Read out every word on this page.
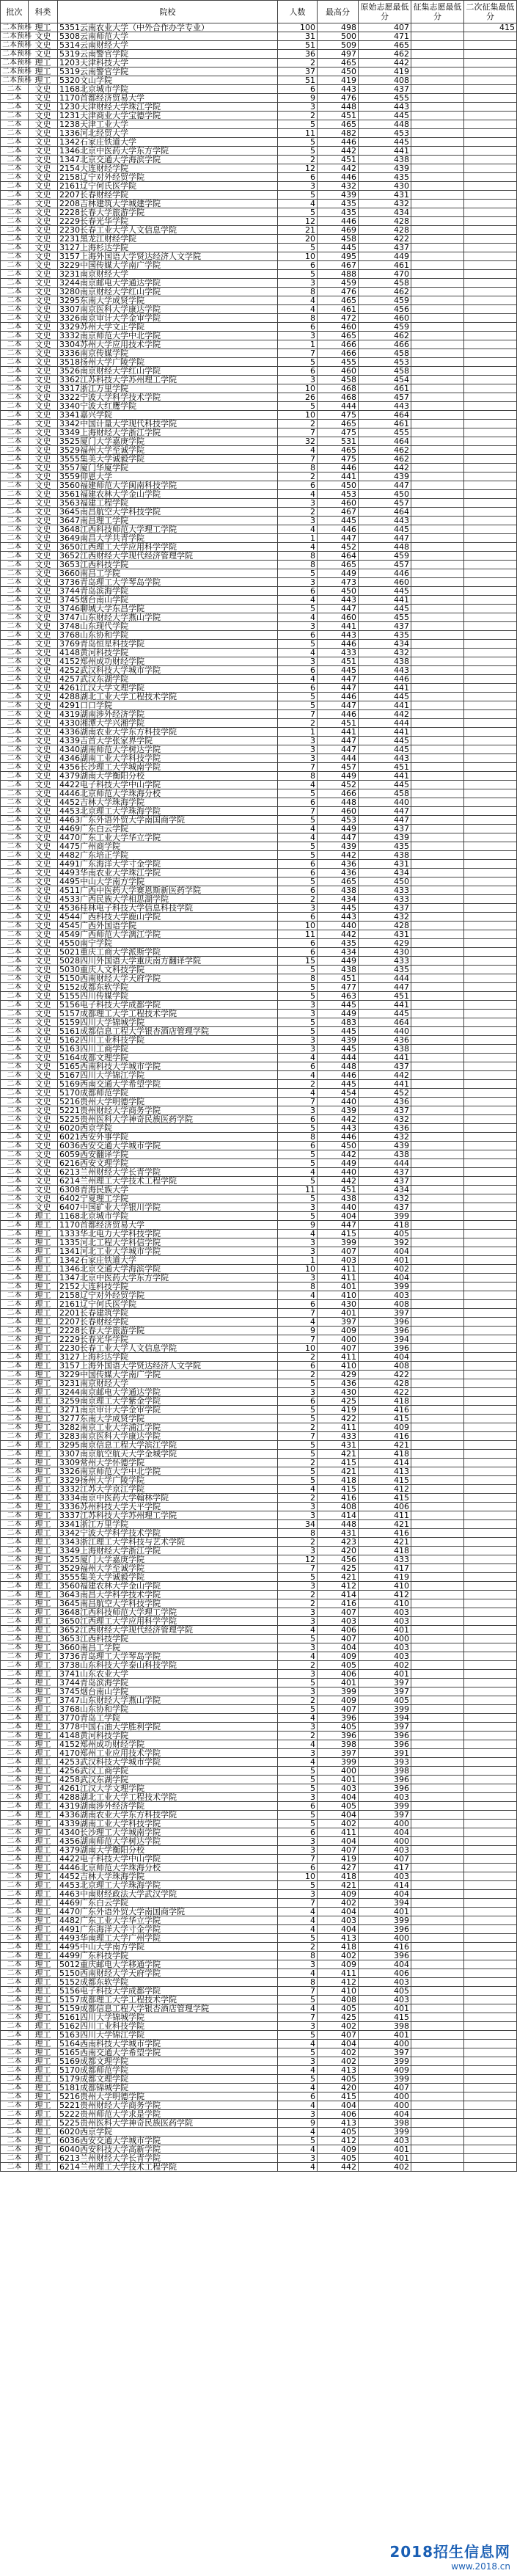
批次	科类	院校	人数	最高分	原始志愿最低分	征集志愿最低分	二次征集最低分
二本预科	理工	5351云南农业大学（中外合作办学专业）	100	498	407		415
二本预科	文史	5308云南师范大学	31	500	471		
二本预科	文史	5314云南财经大学	51	509	465		
二本预科	文史	5319云南警官学院	36	497	462		
二本预科	理工	1203天津科技大学	2	465	442		
二本预科	理工	5319云南警官学院	37	450	419		
二本预科	理工	5320文山学院	51	419	408		
二本	文史	1168北京城市学院	6	443	437		
二本	文史	1170首都经济贸易大学	9	476	455		
二本	文史	1230天津财经大学珠江学院	3	448	443		
二本	文史	1231天津商业大学宝德学院	2	451	445		
二本	文史	1238天津工业大学	5	465	448		
二本	文史	1336河北经贸大学	11	482	453		
二本	文史	1342石家庄铁道大学	5	446	445		
二本	文史	1346北京中医药大学东方学院	5	442	441		
二本	文史	1347北京交通大学海滨学院	2	451	438		
二本	文史	2154大连财经学院	12	442	439		
二本	文史	2158辽宁对外经贸学院	6	446	435		
二本	文史	2161辽宁何氏医学院	3	432	430		
二本	文史	2207长春财经学院	5	439	431		
二本	文史	2208吉林建筑大学城建学院	4	435	432		
二本	文史	2228长春大学旅游学院	5	435	434		
二本	文史	2229长春光华学院	12	446	428		
二本	文史	2230长春工业大学人文信息学院	21	469	428		
二本	文史	2231黑龙江财经学院	20	458	422		
二本	文史	3127上海杉达学院	5	445	437		
二本	文史	3157上海外国语大学贤达经济人文学院	10	495	449		
二本	文史	3229中国传媒大学南广学院	6	467	461		
二本	文史	3231南京财经大学	5	488	470		
二本	文史	3244南京邮电大学通达学院	3	459	458		
二本	文史	3280南京财经大学红山学院	8	476	462		
二本	文史	3295东南大学成贤学院	4	465	459		
二本	文史	3307南京医科大学康达学院	4	461	456		
二本	文史	3326南京审计大学金审学院	8	472	460		
二本	文史	3329苏州大学文正学院	6	460	459		
二本	文史	3332南京师范大学中北学院	3	465	462		
二本	文史	3304苏州大学应用技术学院	1	466	466		
二本	文史	3336南京传媒学院	7	466	458		
二本	文史	3518扬州大学广陵学院	5	455	453		
二本	文史	3526南京财经大学红山学院	6	460	458		
二本	文史	3362江苏科技大学苏州理工学院	3	458	454		
二本	文史	3317浙江万里学院	10	468	461		
二本	文史	3322宁波大学科学技术学院	26	468	457		
二本	文史	3340宁波大红鹰学院	5	444	443		
二本	文史	3341嘉兴学院	10	475	464		
二本	文史	3342中国计量大学现代科技学院	2	465	461		
二本	文史	3349上海财经大学浙江学院	7	475	455		
二本	文史	3525厦门大学嘉庚学院	32	531	464		
二本	文史	3529福州大学至诚学院	4	465	462		
二本	文史	3555集美大学诚毅学院	7	475	462		
二本	文史	3557厦门华厦学院	8	446	442		
二本	文史	3559仰恩大学	2	441	439		
二本	文史	3560福建师范大学闽南科技学院	6	450	447		
二本	文史	3561福建农林大学金山学院	4	453	450		
二本	文史	3563福建工程学院	3	460	457		
二本	文史	3645南昌航空大学科技学院	2	467	464		
二本	文史	3647南昌理工学院	3	445	443		
二本	文史	3648江西科技师范大学理工学院	4	446	445		
二本	文史	3649南昌大学共青学院	1	447	447		
二本	文史	3650江西理工大学应用科学学院	4	452	448		
二本	文史	3652江西财经大学现代经济管理学院	8	464	459		
二本	文史	3653江西科技学院	8	465	457		
二本	文史	3660南昌工学院	5	449	446		
二本	文史	3736青岛理工大学琴岛学院	3	473	460		
二本	文史	3744青岛滨海学院	6	450	445		
二本	文史	3745烟台南山学院	4	443	441		
二本	文史	3746聊城大学东昌学院	5	447	445		
二本	文史	3747山东财经大学燕山学院	4	460	455		
二本	文史	3748山东现代学院	3	441	437		
二本	文史	3768山东协和学院	6	443	435		
二本	文史	3769青岛恒星科技学院	5	446	434		
二本	文史	4148黄河科技学院	4	433	432		
二本	文史	4152郑州成功财经学院	3	451	438		
二本	文史	4252武汉科技大学城市学院	6	445	443		
二本	文史	4257武汉东湖学院	4	447	446		
二本	文史	4261江汉大学文理学院	6	447	441		
二本	文史	4288湖北工业大学工程技术学院	5	446	445		
二本	文史	4291口口学院	5	447	441		
二本	文史	4319湖南涉外经济学院	7	446	442		
二本	文史	4330湘潭大学兴湘学院	2	451	444		
二本	文史	4336湖南农业大学东方科技学院	1	441	441		
二本	文史	4339吉首大学张家界学院	3	447	445		
二本	文史	4340湖南师范大学树达学院	3	447	445		
二本	文史	4346湖南工业大学科技学院	3	444	443		
二本	文史	4356长沙理工大学城南学院	7	457	451		
二本	文史	4379湖南大学衡阳分校	8	449	441		
二本	文史	4422电子科技大学中山学院	4	452	445		
二本	文史	4446北京师范大学珠海分校	5	466	458		
二本	文史	4452吉林大学珠海学院	6	448	440		
二本	文史	4453北京理工大学珠海学院	7	460	447		
二本	文史	4463广东外语外贸大学南国商学院	5	453	447		
二本	文史	4469广东白云学院	4	449	437		
二本	文史	4470广东工业大学华立学院	4	447	439		
二本	文史	4475广州商学院	5	439	435		
二本	文史	4482广东培正学院	5	442	438		
二本	文史	4491广东海洋大学寸金学院	6	436	431		
二本	文史	4493华南农业大学珠江学院	6	436	434		
二本	文史	4495中山大学南方学院	5	465	450		
二本	文史	4511广西中医药大学赛恩斯新医药学院	6	438	433		
二本	文史	4533广西民族大学相思湖学院	2	434	433		
二本	文史	4536桂林电子科技大学信息科技学院	3	445	437		
二本	文史	4544广西科技大学鹿山学院	6	443	432		
二本	文史	4545广西外国语学院	10	440	428		
二本	文史	4549广西师范大学漓江学院	11	442	431		
二本	文史	4550南宁学院	6	435	429		
二本	文史	5021重庆工商大学派斯学院	6	434	430		
二本	文史	5028四川外国语大学重庆南方翻译学院	15	449	433		
二本	文史	5030重庆人文科技学院	5	438	435		
二本	文史	5150西南财经大学天府学院	8	451	444		
二本	文史	5152成都东软学院	5	477	447		
二本	文史	5155四川传媒学院	5	463	451		
二本	文史	5156电子科技大学成都学院	3	445	441		
二本	文史	5157成都理工大学工程技术学院	3	449	445		
二本	文史	5159四川大学锦城学院	5	483	464		
二本	文史	5161成都信息工程大学银杏酒店管理学院	5	445	440		
二本	文史	5162四川工业科技学院	3	439	436		
二本	文史	5163四川工商学院	3	445	438		
二本	文史	5164成都文理学院	4	444	441		
二本	文史	5165西南科技大学城市学院	6	448	437		
二本	文史	5167四川大学锦江学院	4	446	442		
二本	文史	5169西南交通大学希望学院	2	445	441		
二本	文史	5170成都师范学院	4	454	452		
二本	文史	5216贵州大学明德学院	7	440	436		
二本	文史	5221贵州财经大学商务学院	3	439	437		
二本	文史	5225贵州医科大学神奇民族医药学院	6	442	432		
二本	文史	6020西京学院	5	443	436		
二本	文史	6021西安外事学院	8	446	432		
二本	文史	6036西安交通大学城市学院	6	450	439		
二本	文史	6059西安翻译学院	5	442	438		
二本	文史	6216西安文理学院	5	449	444		
二本	文史	6213兰州财经大学长青学院	4	440	437		
二本	文史	6214兰州理工大学技术工程学院	5	442	437		
二本	文史	6308青海民族大学	11	451	434		
二本	文史	6402宁夏理工学院	5	438	432		
二本	文史	6407中国矿业大学银川学院	3	440	437		
二本	理工	1168北京城市学院	5	404	399		
二本	理工	1170首都经济贸易大学	9	447	418		
二本	理工	1333华北电力大学科技学院	4	415	405		
二本	理工	1335河北工程大学科信学院	3	399	392		
二本	理工	1341河北工业大学城市学院	3	407	404		
二本	理工	1342石家庄铁道大学	1	403	401		
二本	理工	1346北京交通大学海滨学院	10	411	402		
二本	理工	1347北京中医药大学东方学院	3	411	404		
二本	理工	2152大连科技学院	8	401	399		
二本	理工	2158辽宁对外经贸学院	4	410	403		
二本	理工	2161辽宁何氏医学院	6	430	408		
二本	理工	2201长春建筑学院	7	401	397		
二本	理工	2207长春财经学院	4	397	396		
二本	理工	2228长春大学旅游学院	9	409	396		
二本	理工	2229长春光华学院	7	400	394		
二本	理工	2230长春工业大学人文信息学院	10	407	396		
二本	理工	3127上海杉达学院	2	411	404		
二本	理工	3157上海外国语大学贤达经济人文学院	6	410	408		
二本	理工	3229中国传媒大学南广学院	2	429	422		
二本	理工	3231南京财经大学	5	436	428		
二本	理工	3244南京邮电大学通达学院	3	430	422		
二本	理工	3259南京理工大学紫金学院	6	425	418		
二本	理工	3271南京审计大学金审学院	5	419	416		
二本	理工	3277东南大学成贤学院	5	422	415		
二本	理工	3282南京工业大学浦江学院	2	411	409		
二本	理工	3283南京医科大学康达学院	7	433	416		
二本	理工	3295南京信息工程大学滨江学院	5	431	421		
二本	理工	3307南京航空航天大学金城学院	5	421	418		
二本	理工	3309常州大学怀德学院	2	415	414		
二本	理工	3326南京师范大学中北学院	5	421	413		
二本	理工	3329扬州大学广陵学院	5	418	415		
二本	理工	3332江苏大学京江学院	4	415	412		
二本	理工	3334南京中医药大学翰林学院	2	416	415		
二本	理工	3336苏州科技大学天平学院	3	408	406		
二本	理工	3337江苏科技大学苏州理工学院	3	414	411		
二本	理工	3341浙江万里学院	34	448	421		
二本	理工	3342宁波大学科学技术学院	8	431	416		
二本	理工	3343浙江理工大学科技与艺术学院	2	423	421		
二本	理工	3349上海财经大学浙江学院	3	420	418		
二本	理工	3525厦门大学嘉庚学院	12	456	433		
二本	理工	3529福州大学至诚学院	7	425	417		
二本	理工	3555集美大学诚毅学院	5	421	419		
二本	理工	3560福建农林大学金山学院	3	412	410		
二本	理工	3643南昌大学科学技术学院	2	414	412		
二本	理工	3645南昌航空大学科技学院	2	416	410		
二本	理工	3648江西科技师范大学理工学院	3	407	403		
二本	理工	3650江西理工大学应用科学学院	3	403	403		
二本	理工	3652江西财经大学现代经济管理学院	4	406	401		
二本	理工	3653江西科技学院	5	407	400		
二本	理工	3660南昌工学院	3	404	403		
二本	理工	3736青岛理工大学琴岛学院	4	409	403		
二本	理工	3738山东科技大学泰山科技学院	2	405	402		
二本	理工	3741山东农业大学	3	406	401		
二本	理工	3744青岛滨海学院	5	401	397		
二本	理工	3745烟台南山学院	3	399	397		
二本	理工	3747山东财经大学燕山学院	2	409	405		
二本	理工	3768山东协和学院	5	407	399		
二本	理工	3770青岛工学院	4	396	394		
二本	理工	3778中国石油大学胜利学院	3	405	397		
二本	理工	4148黄河科技学院	2	396	396		
二本	理工	4152郑州成功财经学院	4	398	396		
二本	理工	4170郑州工业应用技术学院	3	397	391		
二本	理工	4253武汉科技大学城市学院	4	399	393		
二本	理工	4256武汉工商学院	5	400	398		
二本	理工	4258武汉东湖学院	5	401	396		
二本	理工	4261江汉大学文理学院	5	403	396		
二本	理工	4288湖北工业大学工程技术学院	3	404	403		
二本	理工	4319湖南涉外经济学院	6	405	399		
二本	理工	4336湖南农业大学东方科技学院	5	404	397		
二本	理工	4339湖南工业大学科技学院	5	402	400		
二本	理工	4340长沙理工大学城南学院	6	411	404		
二本	理工	4356湖南师范大学树达学院	3	404	400		
二本	理工	4379湖南大学衡阳分校	3	407	403		
二本	理工	4422电子科技大学中山学院	7	419	407		
二本	理工	4446北京师范大学珠海分校	6	427	417		
二本	理工	4452吉林大学珠海学院	10	418	403		
二本	理工	4453北京理工大学珠海学院	5	421	414		
二本	理工	4463中南财经政法大学武汉学院	3	409	404		
二本	理工	4469广东白云学院	7	402	394		
二本	理工	4470广东外语外贸大学南国商学院	4	404	401		
二本	理工	4482广东工业大学华立学院	4	403	399		
二本	理工	4491广东海洋大学寸金学院	4	404	396		
二本	理工	4493华南理工大学广州学院	5	413	400		
二本	理工	4495中山大学南方学院	2	418	416		
二本	理工	4499广东科技学院	8	402	396		
二本	理工	5012重庆邮电大学移通学院	3	409	404		
二本	理工	5150西南财经大学天府学院	4	411	406		
二本	理工	5152成都东软学院	8	412	403		
二本	理工	5156电子科技大学成都学院	7	410	405		
二本	理工	5157成都理工大学工程技术学院	5	408	403		
二本	理工	5159成都信息工程大学银杏酒店管理学院	4	405	401		
二本	理工	5161四川大学锦城学院	7	425	415		
二本	理工	5162四川工业科技学院	3	402	398		
二本	理工	5163四川大学锦江学院	5	407	401		
二本	理工	5164西南科技大学城市学院	4	404	400		
二本	理工	5165西南交通大学希望学院	5	402	397		
二本	理工	5169成都文理学院	3	402	399		
二本	理工	5170成都师范学院	4	413	409		
二本	理工	5179成都文理学院	5	405	399		
二本	理工	5181成都锦城学院	4	420	407		
二本	理工	5216贵州大学明德学院	6	415	400		
二本	理工	5221贵州财经大学商务学院	4	404	400		
二本	理工	5222贵州师范大学求是学院	3	406	404		
二本	理工	5225贵州医科大学神奇民族医药学院	9	413	398		
二本	理工	6020西京学院	4	405	399		
二本	理工	6036西安交通大学城市学院	5	412	403		
二本	理工	6040西安科技大学高新学院	4	409	401		
二本	理工	6213兰州财经大学长青学院	3	405	401		
二本	理工	6214兰州理工大学技术工程学院	4	442	402		
2018招生信息网
www.2018.cn
